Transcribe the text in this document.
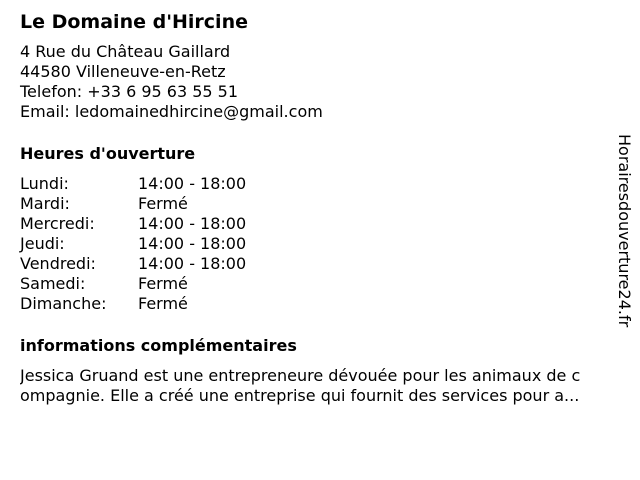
Le Domaine d'Hircine
4 Rue du Château Gaillard
44580 Villeneuve-en-Retz
Telefon: +33 6 95 63 55 51
Email: ledomainedhircine@gmail.com
Heures d'ouverture
Lundi:	14:00 - 18:00
Mardi:	Fermé
Mercredi:	14:00 - 18:00
Jeudi:	14:00 - 18:00
Vendredi:	14:00 - 18:00
Samedi:	Fermé
Dimanche: Fermé
informations complémentaires
Jessica Gruand est une entrepreneure dévouée pour les animaux de c
ompagnie. Elle a créé une entreprise qui fournit des services pour a...
Horairesdouverture24.fr
